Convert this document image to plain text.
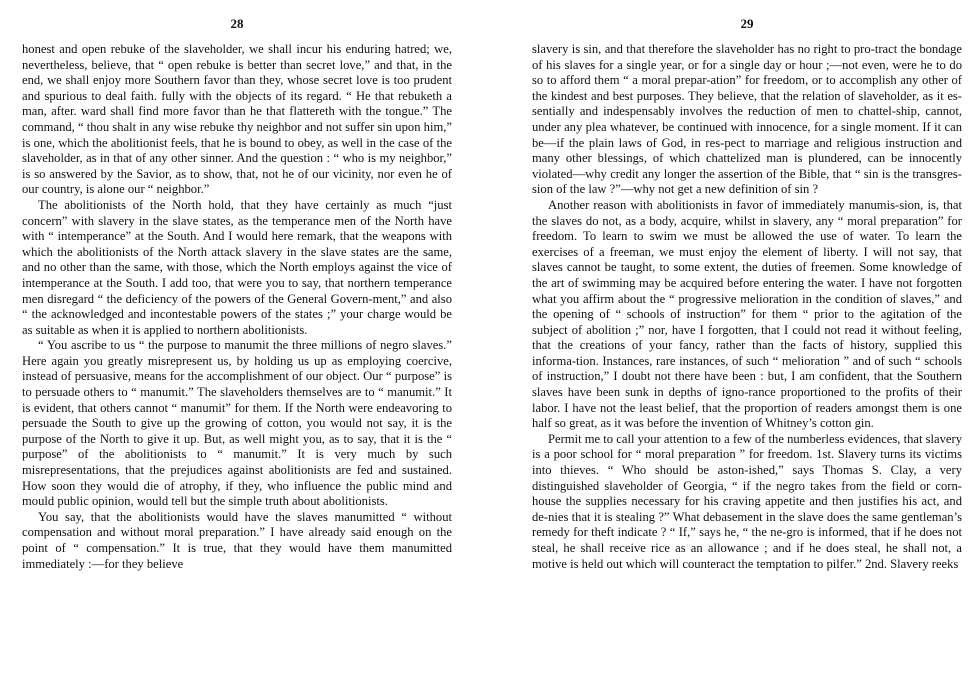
28

honest and open rebuke of the slaveholder, we shall incur his enduring hatred; we, nevertheless, believe, that “ open rebuke is better than secret love,” and that, in the end, we shall enjoy more Southern favor than they, whose secret love is too prudent and spurious to deal faith. fully with the objects of its regard. “ He that rebuketh a man, after. ward shall find more favor than he that flattereth with the tongue.” The command, “ thou shalt in any wise rebuke thy neighbor and not suffer sin upon him,” is one, which the abolitionist feels, that he is bound to obey, as well in the case of the slaveholder, as in that of any other sinner. And the question : “ who is my neighbor,” is so answered by the Savior, as to show, that, not he of our vicinity, nor even he of our country, is alone our “ neighbor.”

The abolitionists of the North hold, that they have certainly as much “just concern” with slavery in the slave states, as the temperance men of the North have with “ intemperance” at the South. And I would here remark, that the weapons with which the abolitionists of the North attack slavery in the slave states are the same, and no other than the same, with those, which the North employs against the vice of intemperance at the South. I add too, that were you to say, that northern temperance men disregard “ the deficiency of the powers of the General Govern-ment,” and also “ the acknowledged and incontestable powers of the states ;” your charge would be as suitable as when it is applied to northern abolitionists.

“ You ascribe to us “ the purpose to manumit the three millions of negro slaves.” Here again you greatly misrepresent us, by holding us up as employing coercive, instead of persuasive, means for the accomplishment of our object. Our “ purpose” is to persuade others to “ manumit.” The slaveholders themselves are to “ manumit.” It is evident, that others cannot “ manumit” for them. If the North were endeavoring to persuade the South to give up the growing of cotton, you would not say, it is the purpose of the North to give it up. But, as well might you, as to say, that it is the “ purpose” of the abolitionists to “ manumit.” It is very much by such misrepresentations, that the prejudices against abolitionists are fed and sustained. How soon they would die of atrophy, if they, who influence the public mind and mould public opinion, would tell but the simple truth about abolitionists.

You say, that the abolitionists would have the slaves manumitted “ without compensation and without moral preparation.” I have already said enough on the point of “ compensation.” It is true, that they would have them manumitted immediately :—for they believe

29

slavery is sin, and that therefore the slaveholder has no right to pro-tract the bondage of his slaves for a single year, or for a single day or hour ;—not even, were he to do so to afford them “ a moral prepar-ation” for freedom, or to accomplish any other of the kindest and best purposes. They believe, that the relation of slaveholder, as it es-sentially and indespensably involves the reduction of men to chattel-ship, cannot, under any plea whatever, be continued with innocence, for a single moment. If it can be—if the plain laws of God, in res-pect to marriage and religious instruction and many other blessings, of which chattelized man is plundered, can be innocently violated—why credit any longer the assertion of the Bible, that “ sin is the transgres-sion of the law ?”—why not get a new definition of sin ?

Another reason with abolitionists in favor of immediately manumis-sion, is, that the slaves do not, as a body, acquire, whilst in slavery, any “ moral preparation” for freedom. To learn to swim we must be allowed the use of water. To learn the exercises of a freeman, we must enjoy the element of liberty. I will not say, that slaves cannot be taught, to some extent, the duties of freemen. Some knowledge of the art of swimming may be acquired before entering the water. I have not forgotten what you affirm about the “ progressive melioration in the condition of slaves,” and the opening of “ schools of instruction” for them “ prior to the agitation of the subject of abolition ;” nor, have I forgotten, that I could not read it without feeling, that the creations of your fancy, rather than the facts of history, supplied this informa-tion. Instances, rare instances, of such “ melioration ” and of such “ schools of instruction,” I doubt not there have been : but, I am confident, that the Southern slaves have been sunk in depths of igno-rance proportioned to the profits of their labor. I have not the least belief, that the proportion of readers amongst them is one half so great, as it was before the invention of Whitney’s cotton gin.

Permit me to call your attention to a few of the numberless evidences, that slavery is a poor school for “ moral preparation ” for freedom. 1st. Slavery turns its victims into thieves. “ Who should be aston-ished,” says Thomas S. Clay, a very distinguished slaveholder of Georgia, “ if the negro takes from the field or corn-house the supplies necessary for his craving appetite and then justifies his act, and de-nies that it is stealing ?” What debasement in the slave does the same gentleman’s remedy for theft indicate ? “ If,” says he, “ the ne-gro is informed, that if he does not steal, he shall receive rice as an allowance ; and if he does steal, he shall not, a motive is held out which will counteract the temptation to pilfer.” 2nd. Slavery reeks
